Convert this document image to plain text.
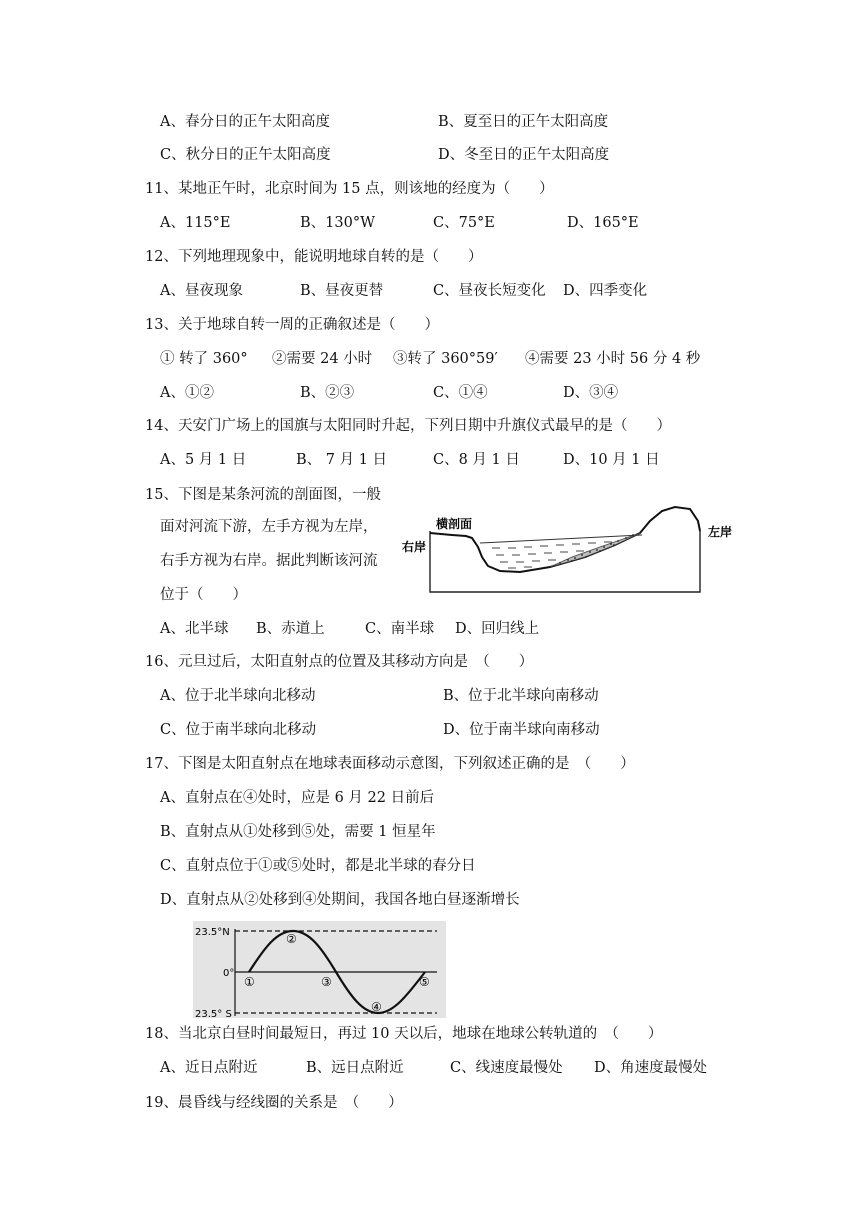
A、春分日的正午太阳高度	B、夏至日的正午太阳高度
C、秋分日的正午太阳高度	D、冬至日的正午太阳高度
11、某地正午时，北京时间为 15 点，则该地的经度为（　　）
A、115°E	B、130°W	C、75°E	D、165°E
12、下列地理现象中，能说明地球自转的是（　　）
A、昼夜现象	B、昼夜更替	C、昼夜长短变化 D、四季变化
13、关于地球自转一周的正确叙述是（　　）
① 转了 360° ②需要 24 小时 ③转了 360°59′ ④需要 23 小时 56 分 4 秒
A、①②	B、②③	C、①④	D、③④
14、天安门广场上的国旗与太阳同时升起，下列日期中升旗仪式最早的是（　　）
A、5 月 1 日	B、 7 月 1 日	C、8 月 1 日	D、10 月 1 日
15、下图是某条河流的剖面图，一般
面对河流下游，左手方视为左岸，
右手方视为右岸。据此判断该河流
位于（　　）
横剖面
右岸
左岸
A、北半球 B、赤道上	C、南半球 D、回归线上
16、元旦过后，太阳直射点的位置及其移动方向是　（　　）
A、位于北半球向北移动	B、位于北半球向南移动
C、位于南半球向北移动	D、位于南半球向南移动
17、下图是太阳直射点在地球表面移动示意图，下列叙述正确的是　（　　）
A、直射点在④处时，应是 6 月 22 日前后
B、直射点从①处移到⑤处，需要 1 恒星年
C、直射点位于①或⑤处时，都是北半球的春分日
D、直射点从②处移到④处期间，我国各地白昼逐渐增长
23.5°N
0°
23.5° S
①
②
③
④
⑤
18、当北京白昼时间最短日，再过 10 天以后，地球在地球公转轨道的　（　　）
A、近日点附近	B、远日点附近	C、线速度最慢处 D、角速度最慢处
19、晨昏线与经线圈的关系是　（　　）
